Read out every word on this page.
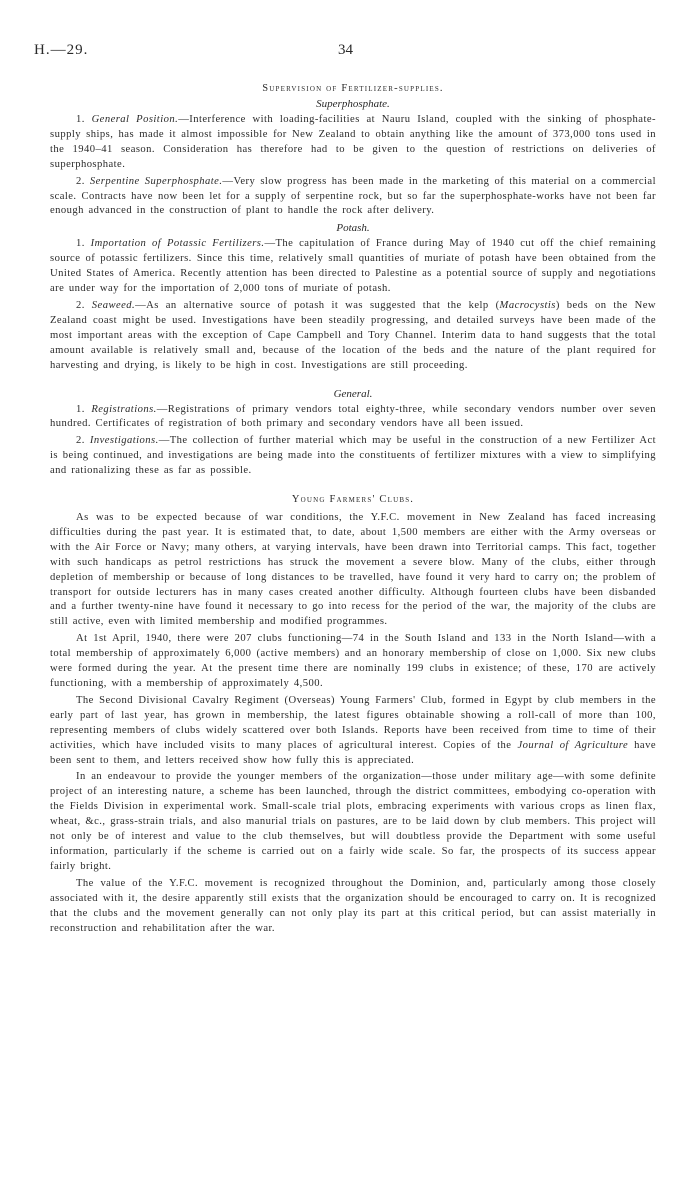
H.—29.	34
Supervision of Fertilizer-supplies.
Superphosphate.

1. General Position.—Interference with loading-facilities at Nauru Island, coupled with the sinking of phosphate-supply ships, has made it almost impossible for New Zealand to obtain anything like the amount of 373,000 tons used in the 1940–41 season. Consideration has therefore had to be given to the question of restrictions on deliveries of superphosphate.

2. Serpentine Superphosphate.—Very slow progress has been made in the marketing of this material on a commercial scale. Contracts have now been let for a supply of serpentine rock, but so far the superphosphate-works have not been far enough advanced in the construction of plant to handle the rock after delivery.

Potash.

1. Importation of Potassic Fertilizers.—The capitulation of France during May of 1940 cut off the chief remaining source of potassic fertilizers. Since this time, relatively small quantities of muriate of potash have been obtained from the United States of America. Recently attention has been directed to Palestine as a potential source of supply and negotiations are under way for the importation of 2,000 tons of muriate of potash.

2. Seaweed.—As an alternative source of potash it was suggested that the kelp (Macrocystis) beds on the New Zealand coast might be used. Investigations have been steadily progressing, and detailed surveys have been made of the most important areas with the exception of Cape Campbell and Tory Channel. Interim data to hand suggests that the total amount available is relatively small and, because of the location of the beds and the nature of the plant required for harvesting and drying, is likely to be high in cost. Investigations are still proceeding.

General.

1. Registrations.—Registrations of primary vendors total eighty-three, while secondary vendors number over seven hundred. Certificates of registration of both primary and secondary vendors have all been issued.

2. Investigations.—The collection of further material which may be useful in the construction of a new Fertilizer Act is being continued, and investigations are being made into the constituents of fertilizer mixtures with a view to simplifying and rationalizing these as far as possible.

Young Farmers' Clubs.

As was to be expected because of war conditions, the Y.F.C. movement in New Zealand has faced increasing difficulties during the past year. It is estimated that, to date, about 1,500 members are either with the Army overseas or with the Air Force or Navy; many others, at varying intervals, have been drawn into Territorial camps. This fact, together with such handicaps as petrol restrictions has struck the movement a severe blow. Many of the clubs, either through depletion of membership or because of long distances to be travelled, have found it very hard to carry on; the problem of transport for outside lecturers has in many cases created another difficulty. Although fourteen clubs have been disbanded and a further twenty-nine have found it necessary to go into recess for the period of the war, the majority of the clubs are still active, even with limited membership and modified programmes.

At 1st April, 1940, there were 207 clubs functioning—74 in the South Island and 133 in the North Island—with a total membership of approximately 6,000 (active members) and an honorary membership of close on 1,000. Six new clubs were formed during the year. At the present time there are nominally 199 clubs in existence; of these, 170 are actively functioning, with a membership of approximately 4,500.

The Second Divisional Cavalry Regiment (Overseas) Young Farmers' Club, formed in Egypt by club members in the early part of last year, has grown in membership, the latest figures obtainable showing a roll-call of more than 100, representing members of clubs widely scattered over both Islands. Reports have been received from time to time of their activities, which have included visits to many places of agricultural interest. Copies of the Journal of Agriculture have been sent to them, and letters received show how fully this is appreciated.

In an endeavour to provide the younger members of the organization—those under military age—with some definite project of an interesting nature, a scheme has been launched, through the district committees, embodying co-operation with the Fields Division in experimental work. Small-scale trial plots, embracing experiments with various crops as linen flax, wheat, &c., grass-strain trials, and also manurial trials on pastures, are to be laid down by club members. This project will not only be of interest and value to the club themselves, but will doubtless provide the Department with some useful information, particularly if the scheme is carried out on a fairly wide scale. So far, the prospects of its success appear fairly bright.

The value of the Y.F.C. movement is recognized throughout the Dominion, and, particularly among those closely associated with it, the desire apparently still exists that the organization should be encouraged to carry on. It is recognized that the clubs and the movement generally can not only play its part at this critical period, but can assist materially in reconstruction and rehabilitation after the war.
